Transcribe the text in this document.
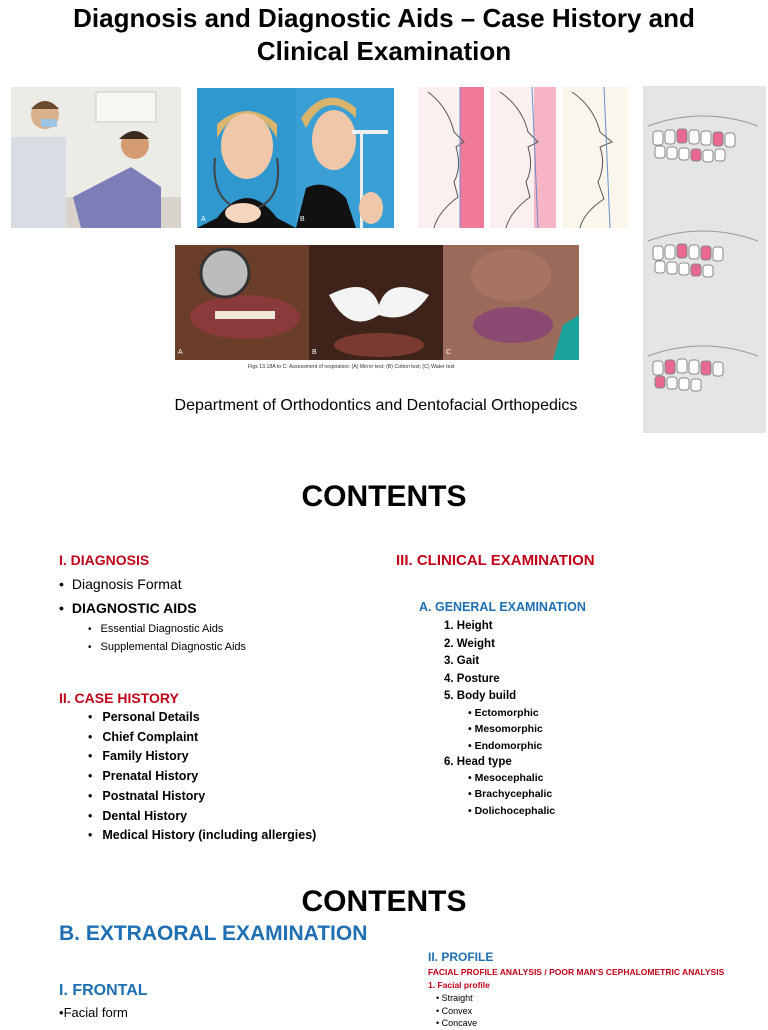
Diagnosis and Diagnostic Aids – Case History and Clinical Examination
A	B
A	B	C
Figs 13.18A to C: Assessment of respiration: (A) Mirror test; (B) Cotton test; (C) Water test
Department of Orthodontics and Dentofacial Orthopedics
CONTENTS
I. DIAGNOSIS
• Diagnosis Format
• DIAGNOSTIC AIDS
• Essential Diagnostic Aids
• Supplemental Diagnostic Aids
II. CASE HISTORY
• Personal Details
• Chief Complaint
• Family History
• Prenatal History
• Postnatal History
• Dental History
• Medical History (including allergies)
III. CLINICAL EXAMINATION
A. GENERAL EXAMINATION
1. Height
2. Weight
3. Gait
4. Posture
5. Body build
• Ectomorphic
• Mesomorphic
• Endomorphic
6. Head type
• Mesocephalic
• Brachycephalic
• Dolichocephalic
CONTENTS
B. EXTRAORAL EXAMINATION
I. FRONTAL
•Facial form
II. PROFILE
FACIAL PROFILE ANALYSIS / POOR MAN'S CEPHALOMETRIC ANALYSIS
1. Facial profile
• Straight
• Convex
• Concave
